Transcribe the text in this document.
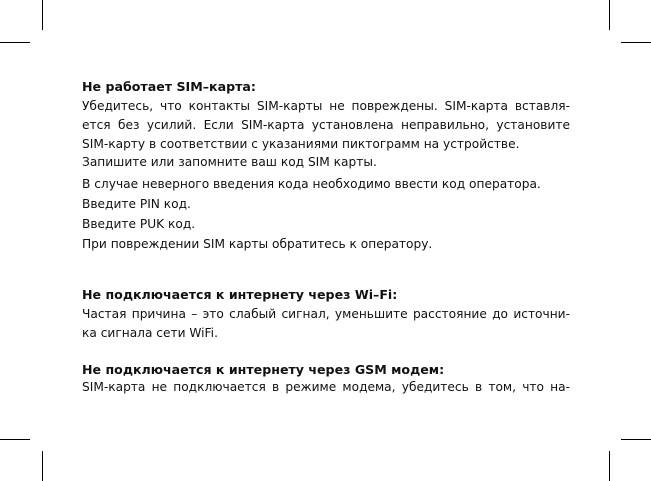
Не работает SIM–карта:
Убедитесь, что контакты SIM-карты не повреждены. SIM-карта вставля-
ется без усилий. Если SIM-карта установлена неправильно, установите
SIM-карту в соответствии с указаниями пиктограмм на устройстве.
Запишите или запомните ваш код SIM карты.
В случае неверного введения кода необходимо ввести код оператора.
Введите PIN код.
Введите PUK код.
При повреждении SIM карты обратитесь к оператору.
Не подключается к интернету через Wi–Fi:
Частая причина – это слабый сигнал, уменьшите расстояние до источни-
ка сигнала сети WiFi.
Не подключается к интернету через GSM модем:
SIM-карта не подключается в режиме модема, убедитесь в том, что на-
